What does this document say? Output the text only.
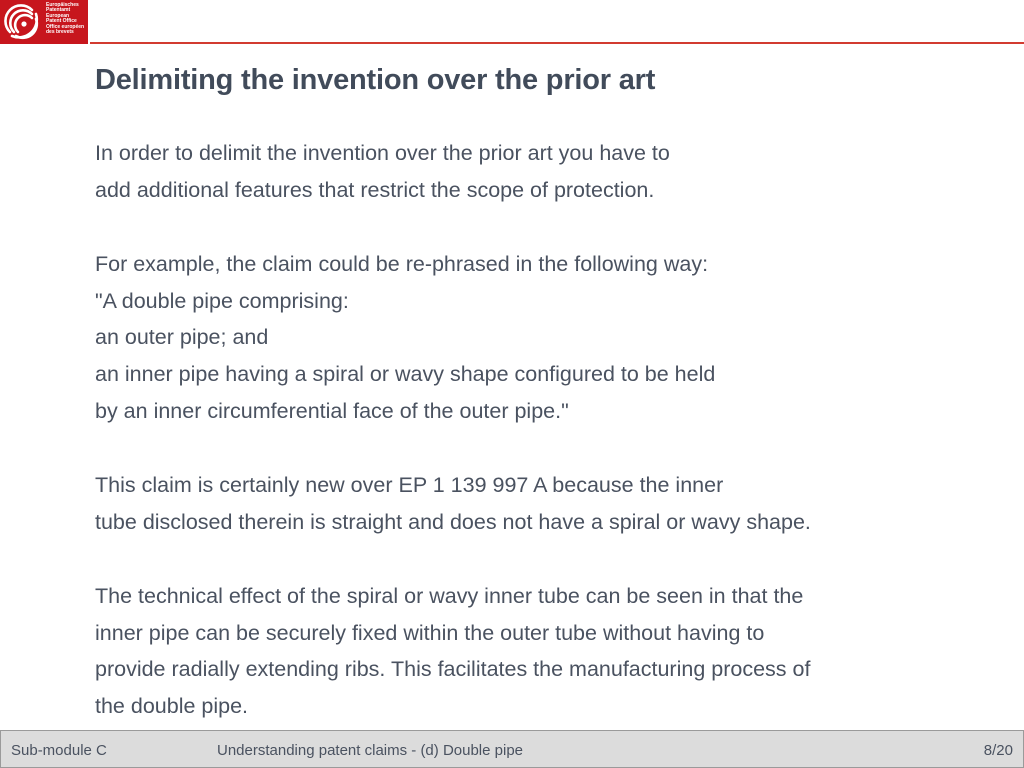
Europäisches
Patentamt
European
Patent Office
Office européen
des brevets
Delimiting the invention over the prior art
In order to delimit the invention over the prior art you have to
add additional features that restrict the scope of protection.
For example, the claim could be re-phrased in the following way:
"A double pipe comprising:
an outer pipe; and
an inner pipe having a spiral or wavy shape configured to be held
by an inner circumferential face of the outer pipe."
This claim is certainly new over EP 1 139 997 A because the inner
tube disclosed therein is straight and does not have a spiral or wavy shape.
The technical effect of the spiral or wavy inner tube can be seen in that the
inner pipe can be securely fixed within the outer tube without having to
provide radially extending ribs. This facilitates the manufacturing process of
the double pipe.
Sub-module C	Understanding patent claims - (d) Double pipe	8/20
